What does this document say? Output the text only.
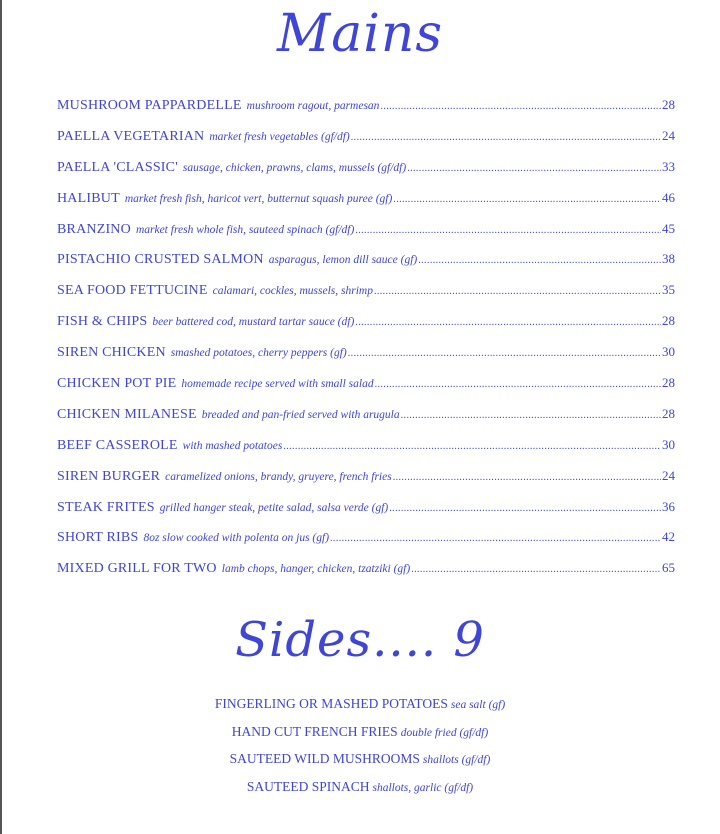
Mains
MUSHROOM PAPPARDELLE mushroom ragout, parmesan .....	28
PAELLA VEGETARIAN market fresh vegetables (gf/df) .....	24
PAELLA 'CLASSIC' sausage, chicken, prawns, clams, mussels (gf/df) .....	33
HALIBUT market fresh fish, haricot vert, butternut squash puree (gf) .....	46
BRANZINO market fresh whole fish, sauteed spinach (gf/df) .....	45
PISTACHIO CRUSTED SALMON asparagus, lemon dill sauce (gf) .....	38
SEA FOOD FETTUCINE calamari, cockles, mussels, shrimp .....	35
FISH & CHIPS beer battered cod, mustard tartar sauce (df) .....	28
SIREN CHICKEN smashed potatoes, cherry peppers (gf) .....	30
CHICKEN POT PIE homemade recipe served with small salad .....	28
CHICKEN MILANESE breaded and pan-fried served with arugula .....	28
BEEF CASSEROLE with mashed potatoes .....	30
SIREN BURGER caramelized onions, brandy, gruyere, french fries .....	24
STEAK FRITES grilled hanger steak, petite salad, salsa verde (gf) .....	36
SHORT RIBS 8oz slow cooked with polenta on jus (gf) .....	42
MIXED GRILL FOR TWO lamb chops, hanger, chicken, tzatziki (gf) .....	65
Sides.... 9
FINGERLING OR MASHED POTATOES sea salt (gf)
HAND CUT FRENCH FRIES double fried (gf/df)
SAUTEED WILD MUSHROOMS shallots (gf/df)
SAUTEED SPINACH shallots, garlic (gf/df)
